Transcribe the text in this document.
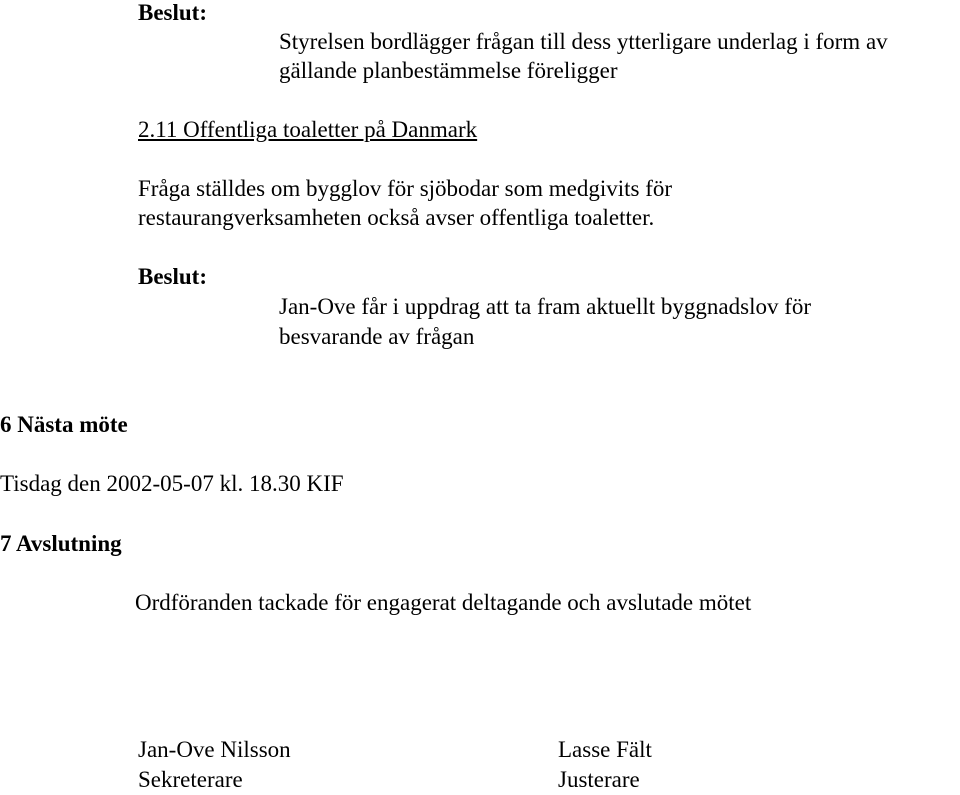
Beslut:

Styrelsen bordlägger frågan till dess ytterligare underlag i form av

gällande planbestämmelse föreligger

2.11 Offentliga toaletter på Danmark

Fråga ställdes om bygglov för sjöbodar som medgivits för

restaurangverksamheten också avser offentliga toaletter.

Beslut:

Jan-Ove får i uppdrag att ta fram aktuellt byggnadslov för

besvarande av frågan

6 Nästa möte

Tisdag den 2002-05-07 kl. 18.30 KIF

7 Avslutning

Ordföranden tackade för engagerat deltagande och avslutade mötet

Jan-Ove Nilsson

Sekreterare

Lasse Fält

Justerare
